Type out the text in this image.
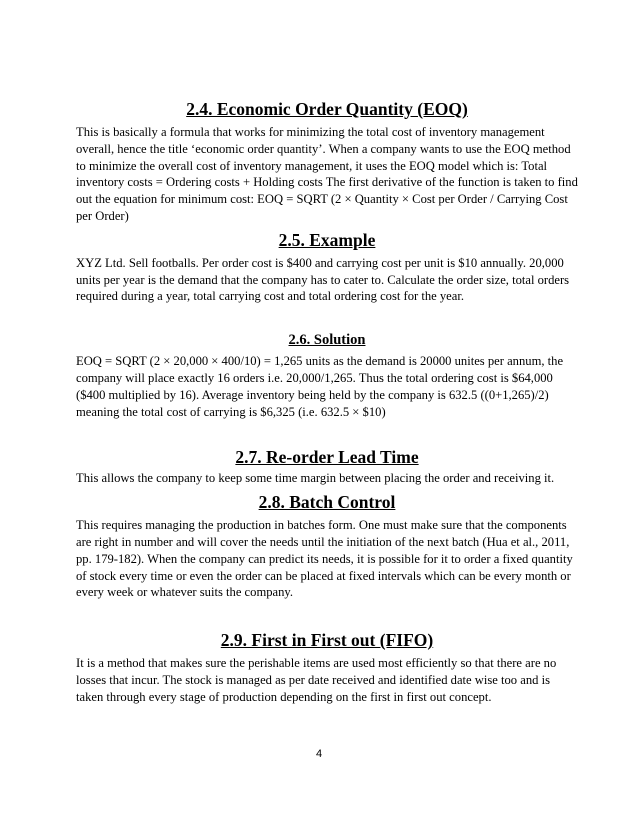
2.4. Economic Order Quantity (EOQ)

This is basically a formula that works for minimizing the total cost of inventory management overall, hence the title ‘economic order quantity’. When a company wants to use the EOQ method to minimize the overall cost of inventory management, it uses the EOQ model which is: Total inventory costs = Ordering costs + Holding costs The first derivative of the function is taken to find out the equation for minimum cost: EOQ = SQRT (2 × Quantity × Cost per Order / Carrying Cost per Order)

2.5. Example

XYZ Ltd. Sell footballs. Per order cost is $400 and carrying cost per unit is $10 annually. 20,000 units per year is the demand that the company has to cater to. Calculate the order size, total orders required during a year, total carrying cost and total ordering cost for the year.

2.6. Solution

EOQ = SQRT (2 × 20,000 × 400/10) = 1,265 units as the demand is 20000 unites per annum, the company will place exactly 16 orders i.e. 20,000/1,265. Thus the total ordering cost is $64,000 ($400 multiplied by 16). Average inventory being held by the company is 632.5 ((0+1,265)/2) meaning the total cost of carrying is $6,325 (i.e. 632.5 × $10)

2.7. Re-order Lead Time

This allows the company to keep some time margin between placing the order and receiving it.

2.8. Batch Control

This requires managing the production in batches form. One must make sure that the components are right in number and will cover the needs until the initiation of the next batch (Hua et al., 2011, pp. 179-182). When the company can predict its needs, it is possible for it to order a fixed quantity of stock every time or even the order can be placed at fixed intervals which can be every month or every week or whatever suits the company.

2.9. First in First out (FIFO)

It is a method that makes sure the perishable items are used most efficiently so that there are no losses that incur. The stock is managed as per date received and identified date wise too and is taken through every stage of production depending on the first in first out concept.

4
